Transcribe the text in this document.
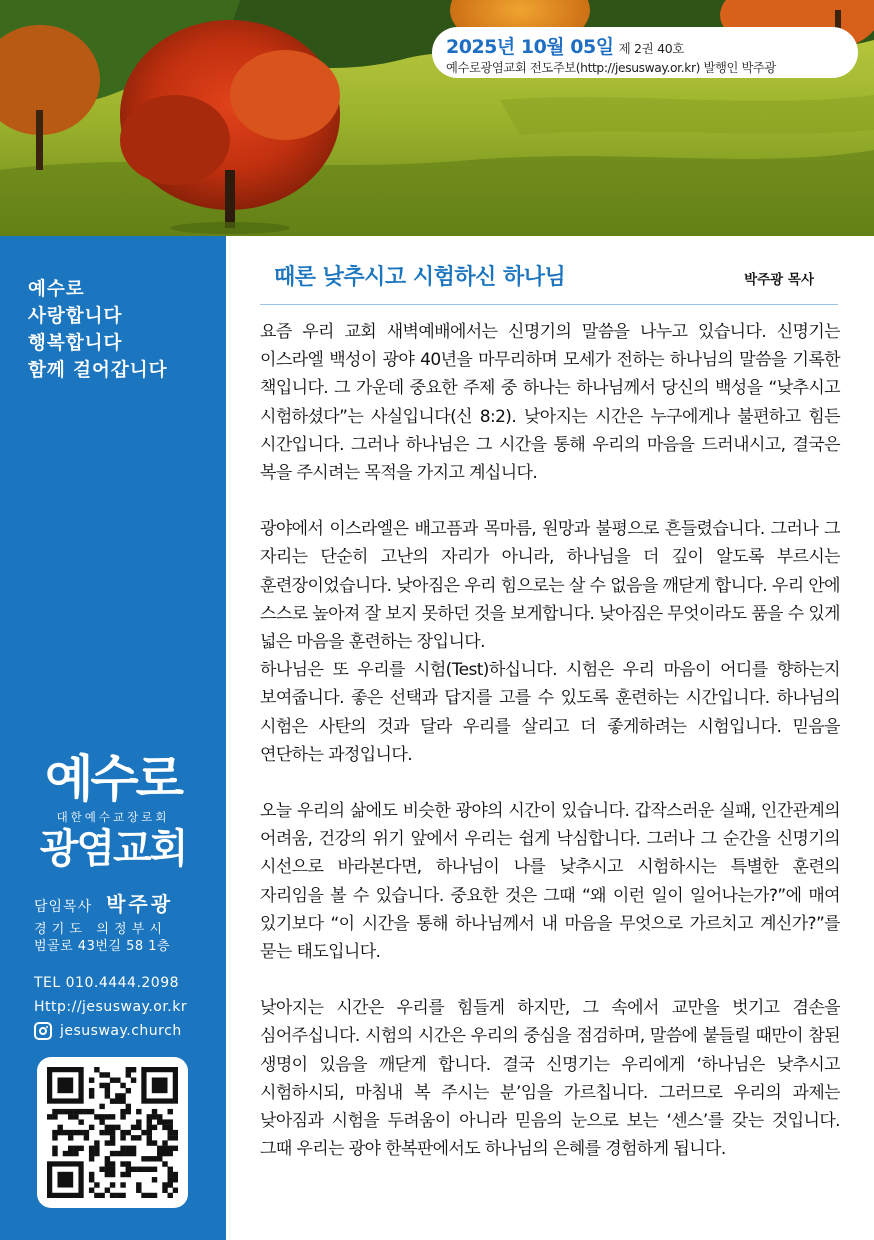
2025년 10월 05일 제 2권 40호
예수로광염교회 전도주보(http://jesusway.or.kr) 발행인 박주광
예수로
사랑합니다
행복합니다
함께 걸어갑니다
예수로
대한예수교장로회
광염교회
담임목사 박주광
경 기 도   의 정 부 시
범골로 43번길 58 1층
TEL 010.4444.2098
Http://jesusway.or.kr
jesusway.church
때론 낮추시고 시험하신 하나님	박주광 목사

요즘 우리 교회 새벽예배에서는 신명기의 말씀을 나누고 있습니다. 신명기는 이스라엘 백성이 광야 40년을 마무리하며 모세가 전하는 하나님의 말씀을 기록한 책입니다. 그 가운데 중요한 주제 중 하나는 하나님께서 당신의 백성을 “낮추시고 시험하셨다”는 사실입니다(신 8:2). 낮아지는 시간은 누구에게나 불편하고 힘든 시간입니다. 그러나 하나님은 그 시간을 통해 우리의 마음을 드러내시고, 결국은 복을 주시려는 목적을 가지고 계십니다.

광야에서 이스라엘은 배고픔과 목마름, 원망과 불평으로 흔들렸습니다. 그러나 그 자리는 단순히 고난의 자리가 아니라, 하나님을 더 깊이 알도록 부르시는 훈련장이었습니다. 낮아짐은 우리 힘으로는 살 수 없음을 깨닫게 합니다. 우리 안에 스스로 높아져 잘 보지 못하던 것을 보게합니다. 낮아짐은 무엇이라도 품을 수 있게 넓은 마음을 훈련하는 장입니다.

하나님은 또 우리를 시험(Test)하십니다. 시험은 우리 마음이 어디를 향하는지 보여줍니다. 좋은 선택과 답지를 고를 수 있도록 훈련하는 시간입니다. 하나님의 시험은 사탄의 것과 달라 우리를 살리고 더 좋게하려는 시험입니다. 믿음을 연단하는 과정입니다.

오늘 우리의 삶에도 비슷한 광야의 시간이 있습니다. 갑작스러운 실패, 인간관계의 어려움, 건강의 위기 앞에서 우리는 쉽게 낙심합니다. 그러나 그 순간을 신명기의 시선으로 바라본다면, 하나님이 나를 낮추시고 시험하시는 특별한 훈련의 자리임을 볼 수 있습니다. 중요한 것은 그때 “왜 이런 일이 일어나는가?”에 매여 있기보다 “이 시간을 통해 하나님께서 내 마음을 무엇으로 가르치고 계신가?”를 묻는 태도입니다.

낮아지는 시간은 우리를 힘들게 하지만, 그 속에서 교만을 벗기고 겸손을 심어주십니다. 시험의 시간은 우리의 중심을 점검하며, 말씀에 붙들릴 때만이 참된 생명이 있음을 깨닫게 합니다. 결국 신명기는 우리에게 ‘하나님은 낮추시고 시험하시되, 마침내 복 주시는 분’임을 가르칩니다. 그러므로 우리의 과제는 낮아짐과 시험을 두려움이 아니라 믿음의 눈으로 보는 ‘센스’를 갖는 것입니다. 그때 우리는 광야 한복판에서도 하나님의 은혜를 경험하게 됩니다.
